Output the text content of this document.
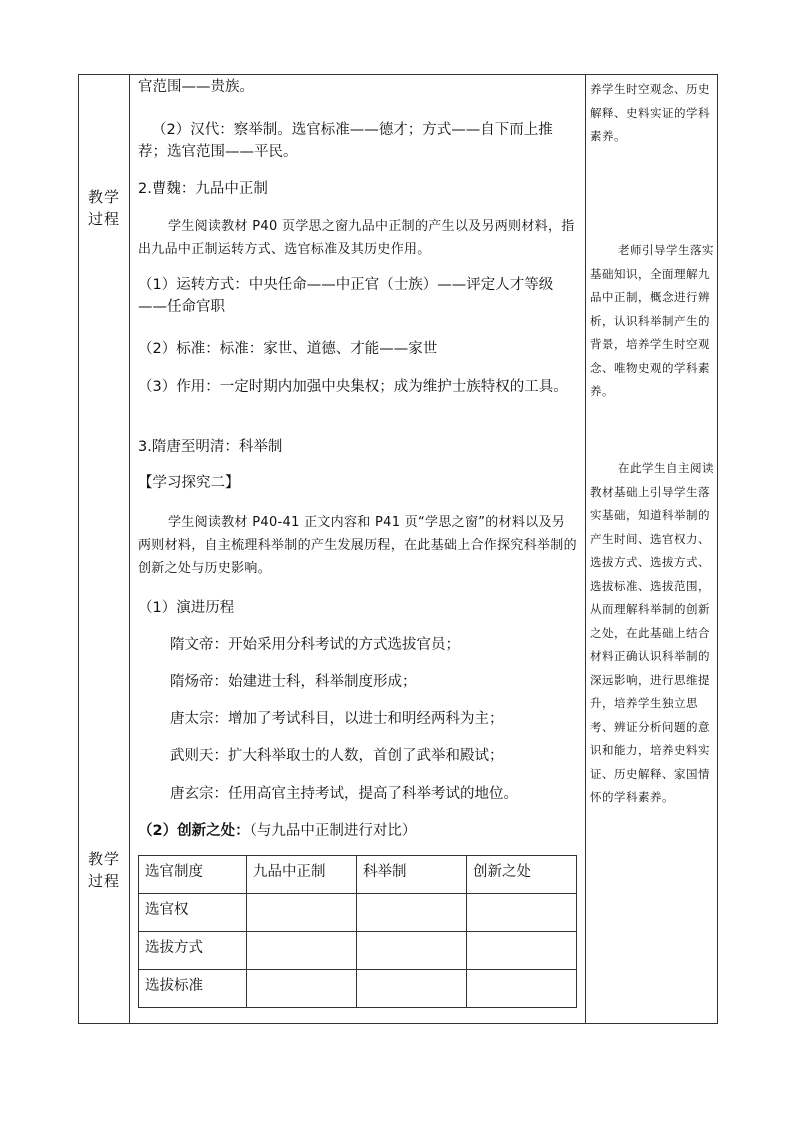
教学
过程
教学
过程
官范围——贵族。
（2）汉代：察举制。选官标准——德才；方式——自下而上推荐；选官范围——平民。
2.曹魏：九品中正制
学生阅读教材 P40 页学思之窗九品中正制的产生以及另两则材料，指出九品中正制运转方式、选官标准及其历史作用。
（1）运转方式：中央任命——中正官（士族）——评定人才等级——任命官职
（2）标准：标准：家世、道德、才能——家世
（3）作用：一定时期内加强中央集权；成为维护士族特权的工具。
3.隋唐至明清：科举制
【学习探究二】
学生阅读教材 P40-41 正文内容和 P41 页“学思之窗”的材料以及另两则材料，自主梳理科举制的产生发展历程，在此基础上合作探究科举制的创新之处与历史影响。
（1）演进历程
隋文帝：开始采用分科考试的方式选拔官员；
隋炀帝：始建进士科，科举制度形成；
唐太宗：增加了考试科目，以进士和明经两科为主；
武则天：扩大科举取士的人数，首创了武举和殿试；
唐玄宗：任用高官主持考试，提高了科举考试的地位。
（2）创新之处：（与九品中正制进行对比）
选官制度	九品中正制	科举制	创新之处
选官权			
选拔方式			
选拔标准			
养学生时空观念、历史解释、史料实证的学科素养。
老师引导学生落实基础知识，全面理解九品中正制，概念进行辨析，认识科举制产生的背景，培养学生时空观念、唯物史观的学科素养。
在此学生自主阅读教材基础上引导学生落实基础，知道科举制的产生时间、选官权力、选拔方式、选拔方式、选拔标准、选拔范围，从而理解科举制的创新之处，在此基础上结合材料正确认识科举制的深远影响，进行思维提升，培养学生独立思考、辨证分析问题的意识和能力，培养史料实证、历史解释、家国情怀的学科素养。
